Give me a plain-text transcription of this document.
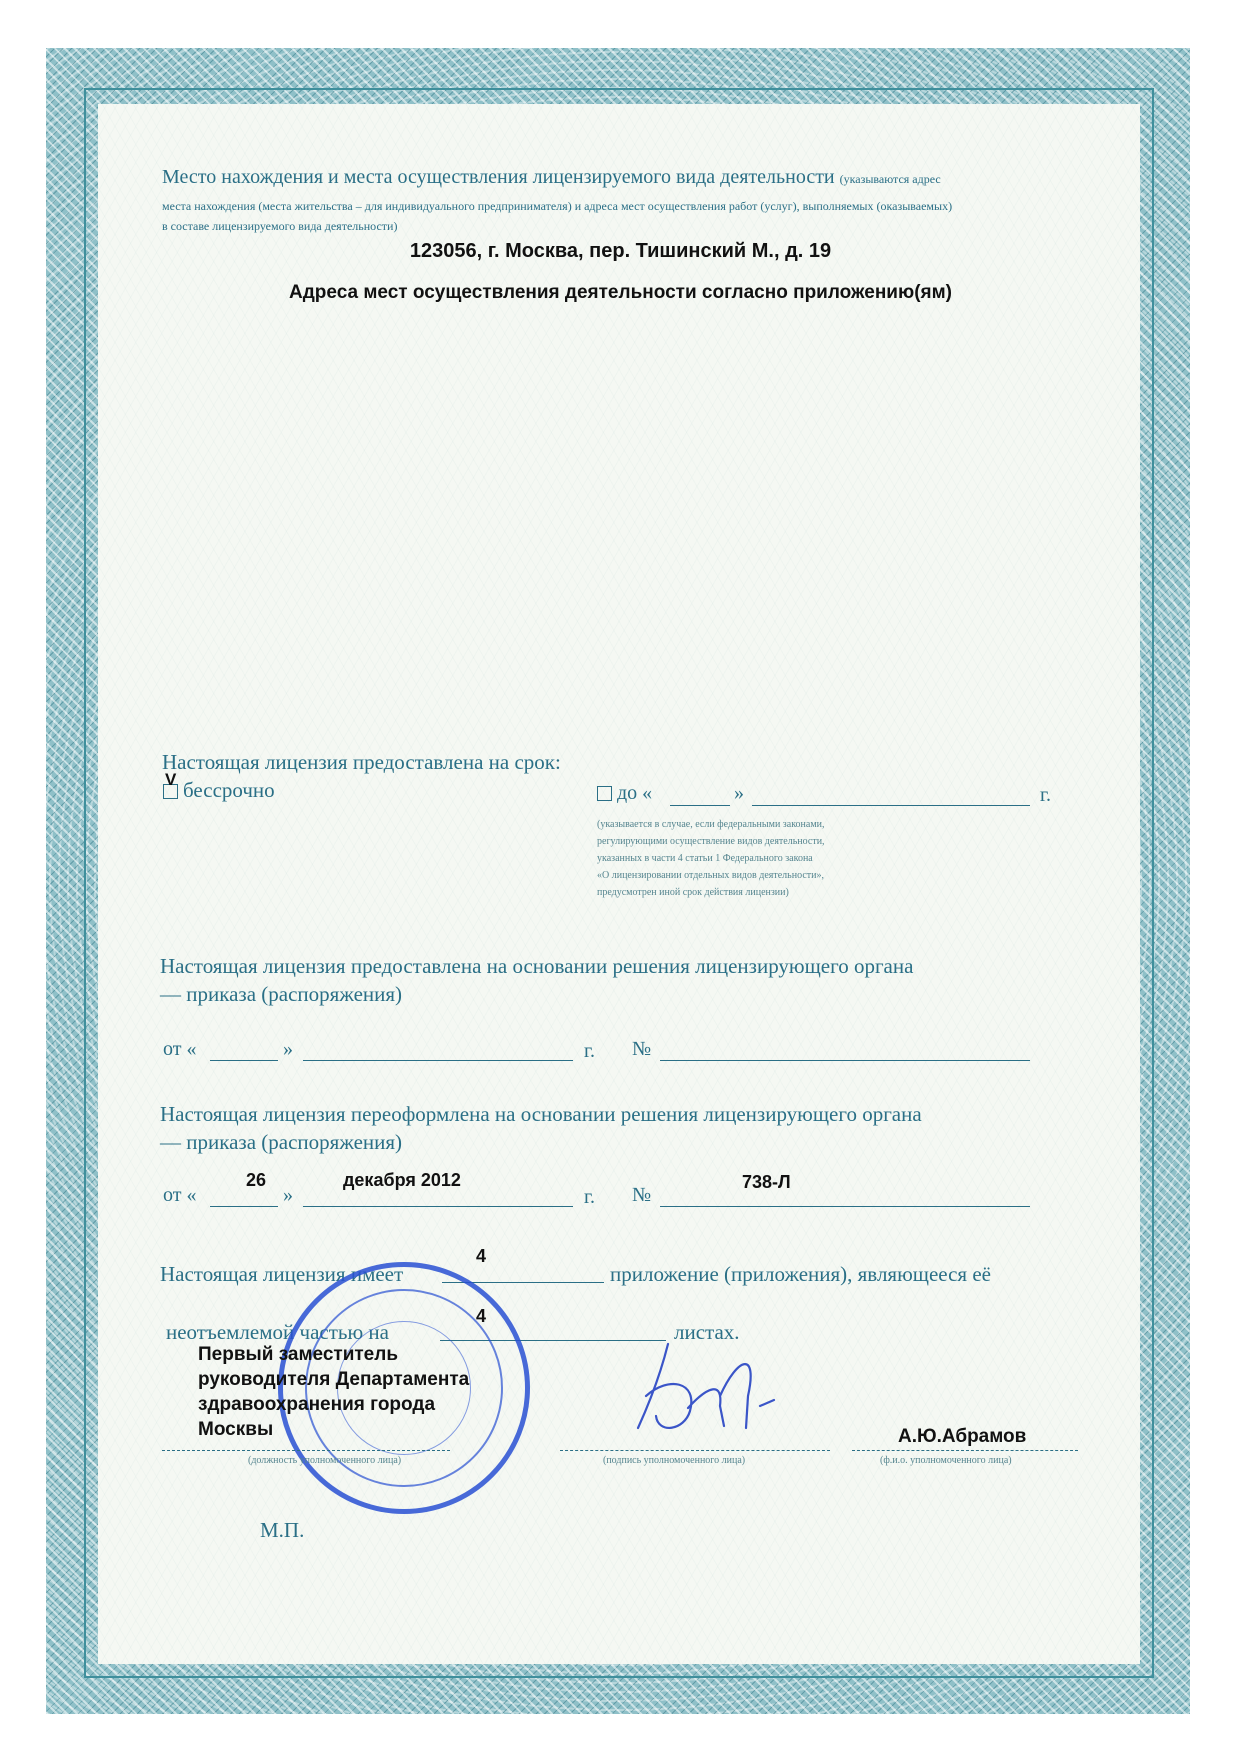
Место нахождения и места осуществления лицензируемого вида деятельности (указываются адрес
места нахождения (места жительства – для индивидуального предпринимателя) и адреса мест осуществления работ (услуг), выполняемых (оказываемых)
в составе лицензируемого вида деятельности)
123056, г. Москва, пер. Тишинский М., д. 19
Адреса мест осуществления деятельности согласно приложению(ям)
Настоящая лицензия предоставлена на срок:
бессрочно
V
до «	»	г.
(указывается в случае, если федеральными законами,
регулирующими осуществление видов деятельности,
указанных в части 4 статьи 1 Федерального закона
«О лицензировании отдельных видов деятельности»,
предусмотрен иной срок действия лицензии)
Настоящая лицензия предоставлена на основании решения лицензирующего органа
— приказа (распоряжения)
от «	»	г. №
Настоящая лицензия переоформлена на основании решения лицензирующего органа
— приказа (распоряжения)
от «
26
»
декабря 2012
г. №
738-Л
Настоящая лицензия имеет
4
приложение (приложения), являющееся её
неотъемлемой частью на
4
листах.
Первый заместитель
руководителя Департамента
здравоохранения города
Москвы
(должность уполномоченного лица)	(подпись уполномоченного лица)
А.Ю.Абрамов
(ф.и.о. уполномоченного лица)
М.П.
